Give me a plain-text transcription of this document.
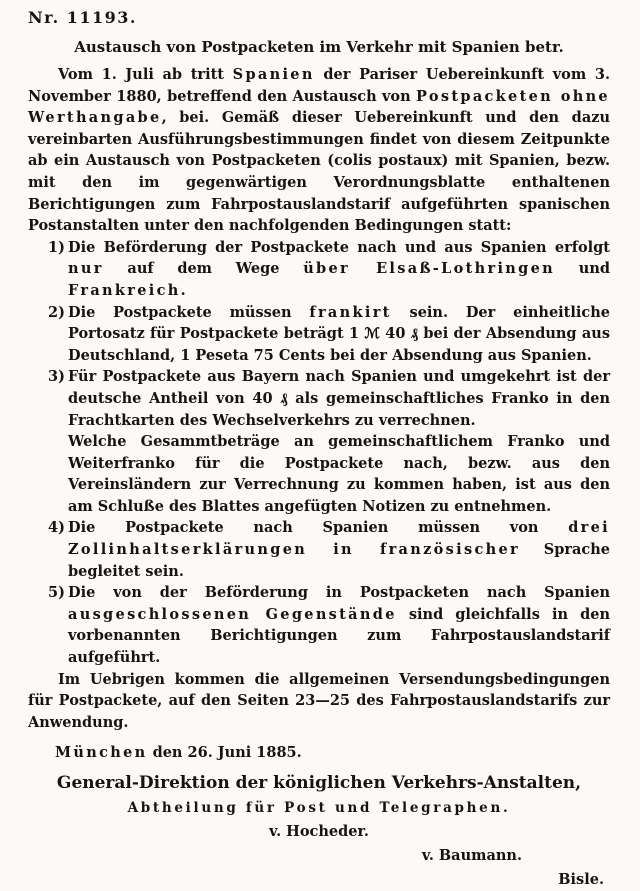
Nr. 11193.
Austausch von Postpacketen im Verkehr mit Spanien betr.

Vom 1. Juli ab tritt Spanien der Pariser Uebereinkunft vom 3. November 1880, betreffend den Austausch von Postpacketen ohne Werthangabe, bei. Gemäß dieser Uebereinkunft und den dazu vereinbarten Ausführungsbestimmungen findet von diesem Zeitpunkte ab ein Austausch von Postpacketen (colis postaux) mit Spanien, bezw. mit den im gegenwärtigen Verordnungsblatte enthaltenen Berichtigungen zum Fahrpostauslandstarif aufgeführten spanischen Postanstalten unter den nachfolgenden Bedingungen statt:

1) Die Beförderung der Postpackete nach und aus Spanien erfolgt nur auf dem Wege über Elsaß-Lothringen und Frankreich.
2) Die Postpackete müssen frankirt sein. Der einheitliche Portosatz für Postpackete beträgt 1 ℳ 40 ₰ bei der Absendung aus Deutschland, 1 Peseta 75 Cents bei der Absendung aus Spanien.
3) Für Postpackete aus Bayern nach Spanien und umgekehrt ist der deutsche Antheil von 40 ₰ als gemeinschaftliches Franko in den Frachtkarten des Wechselverkehrs zu verrechnen.
Welche Gesammtbeträge an gemeinschaftlichem Franko und Weiterfranko für die Postpackete nach, bezw. aus den Vereinsländern zur Verrechnung zu kommen haben, ist aus den am Schluße des Blattes angefügten Notizen zu entnehmen.
4) Die Postpackete nach Spanien müssen von drei Zollinhaltserklärungen in französischer Sprache begleitet sein.
5) Die von der Beförderung in Postpacketen nach Spanien ausgeschlossenen Gegenstände sind gleichfalls in den vorbenannten Berichtigungen zum Fahrpostauslandstarif aufgeführt.

Im Uebrigen kommen die allgemeinen Versendungsbedingungen für Postpackete, auf den Seiten 23—25 des Fahrpostauslandstarifs zur Anwendung.

München den 26. Juni 1885.

General-Direktion der königlichen Verkehrs-Anstalten,
Abtheilung für Post und Telegraphen.
v. Hocheder.
v. Baumann.
Bisle.
